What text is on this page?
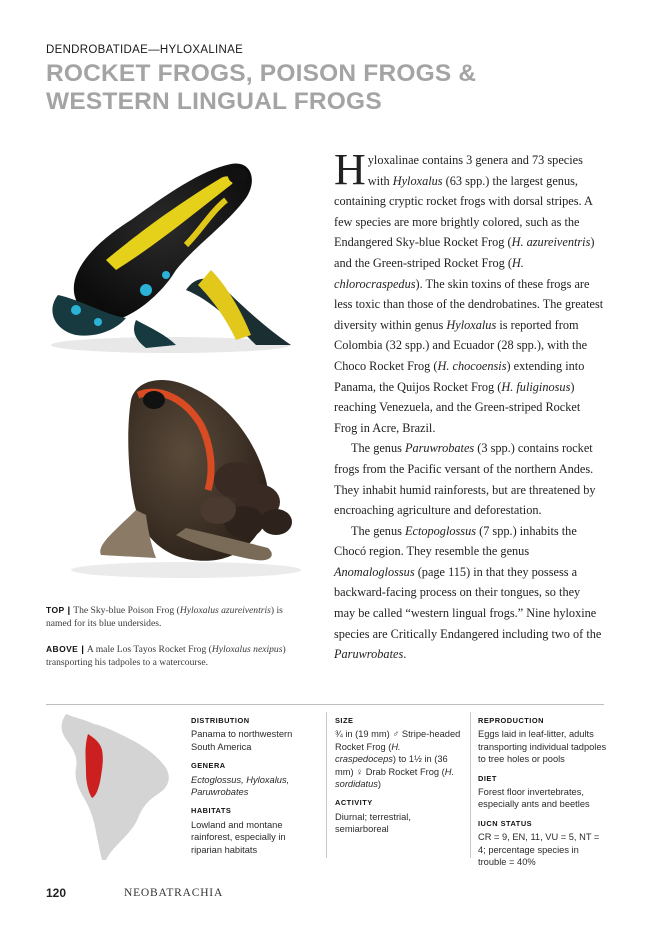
DENDROBATIDAE—HYLOXALINAE
ROCKET FROGS, POISON FROGS & WESTERN LINGUAL FROGS
TOP | The Sky-blue Poison Frog (Hyloxalus azureiventris) is named for its blue undersides.
ABOVE | A male Los Tayos Rocket Frog (Hyloxalus nexipus) transporting his tadpoles to a watercourse.

Hyloxalinae contains 3 genera and 73 species with Hyloxalus (63 spp.) the largest genus, containing cryptic rocket frogs with dorsal stripes. A few species are more brightly colored, such as the Endangered Sky-blue Rocket Frog (H. azureiventris) and the Green-striped Rocket Frog (H. chlorocraspedus). The skin toxins of these frogs are less toxic than those of the dendrobatines. The greatest diversity within genus Hyloxalus is reported from Colombia (32 spp.) and Ecuador (28 spp.), with the Choco Rocket Frog (H. chocoensis) extending into Panama, the Quijos Rocket Frog (H. fuliginosus) reaching Venezuela, and the Green-striped Rocket Frog in Acre, Brazil.

The genus Paruwrobates (3 spp.) contains rocket frogs from the Pacific versant of the northern Andes. They inhabit humid rainforests, but are threatened by encroaching agriculture and deforestation.

The genus Ectopoglossus (7 spp.) inhabits the Chocó region. They resemble the genus Anomaloglossus (page 115) in that they possess a backward-facing process on their tongues, so they may be called “western lingual frogs.” Nine hyloxine species are Critically Endangered including two of the Paruwrobates.

DISTRIBUTION
Panama to northwestern South America
GENERA
Ectoglossus, Hyloxalus, Paruwrobates
HABITATS
Lowland and montane rainforest, especially in riparian habitats
SIZE
¾ in (19 mm) ♂ Stripe-headed Rocket Frog (H. craspedoceps) to 1½ in (36 mm) ♀ Drab Rocket Frog (H. sordidatus)
ACTIVITY
Diurnal; terrestrial, semiarboreal
REPRODUCTION
Eggs laid in leaf-litter, adults transporting individual tadpoles to tree holes or pools
DIET
Forest floor invertebrates, especially ants and beetles
IUCN STATUS
CR = 9, EN, 11, VU = 5, NT = 4; percentage species in trouble = 40%
120	NEOBATRACHIA
